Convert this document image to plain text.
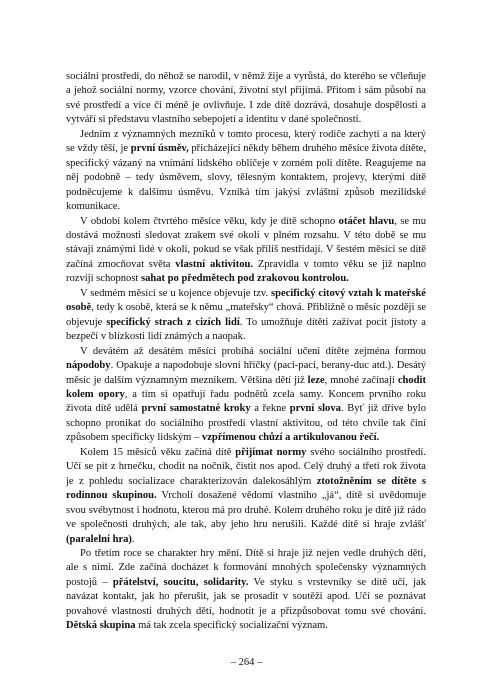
sociální prostředí, do něhož se narodil, v němž žije a vyrůstá, do kterého se včleňuje a jehož sociální normy, vzorce chování, životní styl přijímá. Přitom i sám působí na své prostředí a více či méně je ovlivňuje. I zde dítě dozrává, dosahuje dospělosti a vytváří si představu vlastního sebepojetí a identitu v dané společnosti.

Jedním z významných mezníků v tomto procesu, který rodiče zachytí a na který se vždy těší, je první úsměv, přicházející někdy během druhého měsíce života dítěte, specifický vázaný na vnímání lidského obličeje v zorném poli dítěte. Reagujeme na něj podobně – tedy úsměvem, slovy, tělesným kontaktem, projevy, kterými dítě podněcujeme k dalšímu úsměvu. Vzniká tím jakýsi zvláštní způsob mezilidské komunikace.

V období kolem čtvrtého měsíce věku, kdy je dítě schopno otáčet hlavu, se mu dostává možnosti sledovat zrakem své okolí v plném rozsahu. V této době se mu stávají známými lidé v okolí, pokud se však příliš nestřídají. V šestém měsíci se dítě začíná zmocňovat světa vlastní aktivitou. Zpravidla v tomto věku se již naplno rozvíjí schopnost sahat po předmětech pod zrakovou kontrolou.

V sedmém měsíci se u kojence objevuje tzv. specifický citový vztah k mateřské osobě, tedy k osobě, která se k němu „mateřsky“ chová. Přibližně o měsíc později se objevuje specifický strach z cizích lidí. To umožňuje dítěti zažívat pocit jistoty a bezpečí v blízkosti lidí známých a naopak.

V devátém až desátém měsíci probíhá sociální učení dítěte zejména formou nápodoby. Opakuje a napodobuje slovní hříčky (paci-paci, berany-duc atd.). Desátý měsíc je dalším významným mezníkem. Většina dětí již leze, mnohé začínají chodit kolem opory, a tím si opatřují řadu podnětů zcela samy. Koncem prvního roku života dítě udělá první samostatné kroky a řekne první slova. Byť již dříve bylo schopno pronikat do sociálního prostředí vlastní aktivitou, od této chvíle tak činí způsobem specificky lidským – vzpřímenou chůzí a artikulovanou řečí.

Kolem 15 měsíců věku začíná dítě přijímat normy svého sociálního prostředí. Učí se pít z hrnečku, chodit na nočník, čistit nos apod. Celý druhý a třetí rok života je z pohledu socializace charakterizován dalekosáhlým ztotožněním se dítěte s rodinnou skupinou. Vrcholí dosažené vědomí vlastního „já“, dítě si uvědomuje svou svébytnost i hodnotu, kterou má pro druhé. Kolem druhého roku je dítě již rádo ve společnosti druhých, ale tak, aby jeho hru nerušili. Každé dítě si hraje zvlášť (paralelní hra).

Po třetím roce se charakter hry mění. Dítě si hraje již nejen vedle druhých dětí, ale s nimi. Zde začíná docházet k formování mnohých společensky významných postojů – přátelství, soucitu, solidarity. Ve styku s vrstevníky se dítě učí, jak navázat kontakt, jak ho přerušit, jak se prosadit v soutěži apod. Učí se poznávat povahové vlastnosti druhých dětí, hodnotit je a přizpůsobovat tomu své chování. Dětská skupina má tak zcela specifický socializační význam.

– 264 –
